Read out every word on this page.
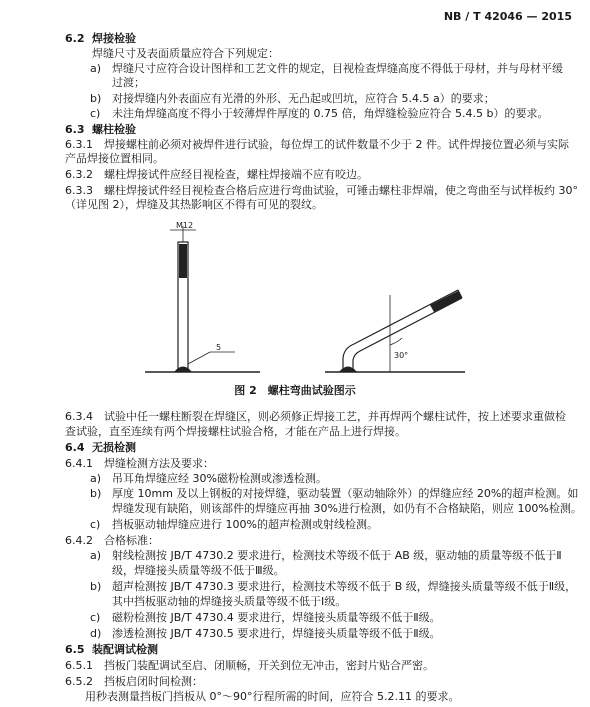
NB / T 42046 — 2015
6.2 焊接检验
焊缝尺寸及表面质量应符合下列规定：
a) 焊缝尺寸应符合设计图样和工艺文件的规定，目视检查焊缝高度不得低于母材，并与母材平缓
过渡；
b) 对接焊缝内外表面应有光滑的外形、无凸起或凹坑，应符合 5.4.5 a）的要求；
c) 未注角焊缝高度不得小于较薄焊件厚度的 0.75 倍，角焊缝检验应符合 5.4.5 b）的要求。
6.3 螺柱检验
6.3.1 焊接螺柱前必须对被焊件进行试验，每位焊工的试件数量不少于 2 件。试件焊接位置必须与实际
产品焊接位置相同。
6.3.2 螺柱焊接试件应经目视检查，螺柱焊接端不应有咬边。
6.3.3 螺柱焊接试件经目视检查合格后应进行弯曲试验，可锤击螺柱非焊端，使之弯曲至与试样板约 30°
（详见图 2），焊缝及其热影响区不得有可见的裂纹。
6.3.4 试验中任一螺柱断裂在焊缝区，则必须修正焊接工艺，并再焊两个螺柱试件，按上述要求重做检
查试验，直至连续有两个焊接螺柱试验合格，才能在产品上进行焊接。
6.4 无损检测
6.4.1 焊缝检测方法及要求：
a) 吊耳角焊缝应经 30%磁粉检测或渗透检测。
b) 厚度 10mm 及以上钢板的对接焊缝，驱动装置（驱动轴除外）的焊缝应经 20%的超声检测。如
焊缝发现有缺陷，则该部件的焊缝应再抽 30%进行检测，如仍有不合格缺陷，则应 100%检测。
c) 挡板驱动轴焊缝应进行 100%的超声检测或射线检测。
6.4.2 合格标准：
a) 射线检测按 JB/T 4730.2 要求进行，检测技术等级不低于 AB 级，驱动轴的质量等级不低于Ⅱ
级，焊缝接头质量等级不低于Ⅲ级。
b) 超声检测按 JB/T 4730.3 要求进行，检测技术等级不低于 B 级，焊缝接头质量等级不低于Ⅱ级，
其中挡板驱动轴的焊缝接头质量等级不低于Ⅰ级。
c) 磁粉检测按 JB/T 4730.4 要求进行，焊缝接头质量等级不低于Ⅱ级。
d) 渗透检测按 JB/T 4730.5 要求进行，焊缝接头质量等级不低于Ⅱ级。
6.5 装配调试检测
6.5.1 挡板门装配调试至启、闭顺畅，开关到位无冲击，密封片贴合严密。
6.5.2 挡板启闭时间检测：
用秒表测量挡板门挡板从 0°～90°行程所需的时间，应符合 5.2.11 的要求。
M12
5
30°
图 2　螺柱弯曲试验图示
